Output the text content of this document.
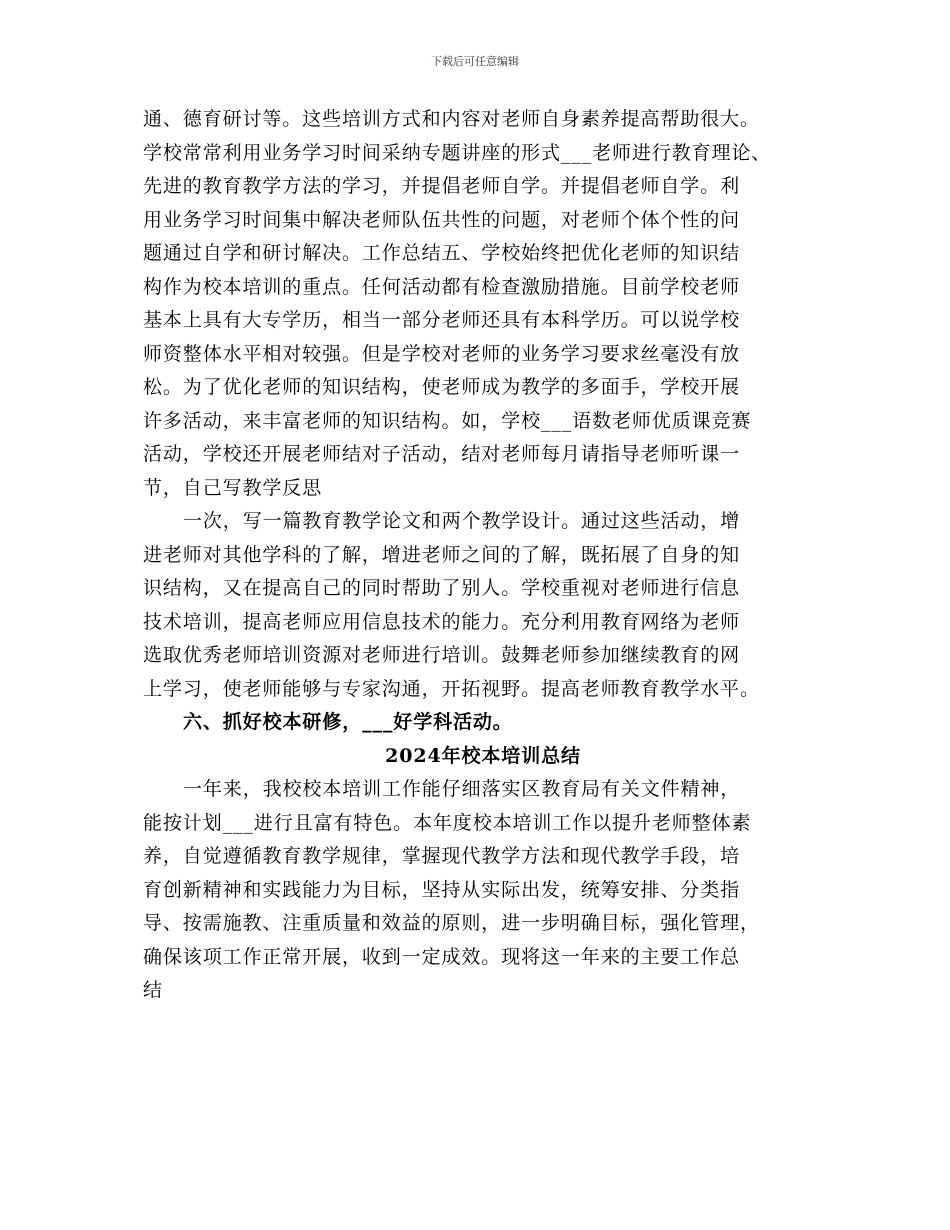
下载后可任意编辑
通、德育研讨等。这些培训方式和内容对老师自身素养提高帮助很大。
学校常常利用业务学习时间采纳专题讲座的形式___老师进行教育理论、
先进的教育教学方法的学习，并提倡老师自学。并提倡老师自学。利
用业务学习时间集中解决老师队伍共性的问题，对老师个体个性的问
题通过自学和研讨解决。工作总结五、学校始终把优化老师的知识结
构作为校本培训的重点。任何活动都有检查激励措施。目前学校老师
基本上具有大专学历，相当一部分老师还具有本科学历。可以说学校
师资整体水平相对较强。但是学校对老师的业务学习要求丝毫没有放
松。为了优化老师的知识结构，使老师成为教学的多面手，学校开展
许多活动，来丰富老师的知识结构。如，学校___语数老师优质课竞赛
活动，学校还开展老师结对子活动，结对老师每月请指导老师听课一
节，自己写教学反思
一次，写一篇教育教学论文和两个教学设计。通过这些活动，增
进老师对其他学科的了解，增进老师之间的了解，既拓展了自身的知
识结构，又在提高自己的同时帮助了别人。学校重视对老师进行信息
技术培训，提高老师应用信息技术的能力。充分利用教育网络为老师
选取优秀老师培训资源对老师进行培训。鼓舞老师参加继续教育的网
上学习，使老师能够与专家沟通，开拓视野。提高老师教育教学水平。
六、抓好校本研修，___好学科活动。
2024年校本培训总结
一年来，我校校本培训工作能仔细落实区教育局有关文件精神，
能按计划___进行且富有特色。本年度校本培训工作以提升老师整体素
养，自觉遵循教育教学规律，掌握现代教学方法和现代教学手段，培
育创新精神和实践能力为目标，坚持从实际出发，统筹安排、分类指
导、按需施教、注重质量和效益的原则，进一步明确目标，强化管理，
确保该项工作正常开展，收到一定成效。现将这一年来的主要工作总
结
